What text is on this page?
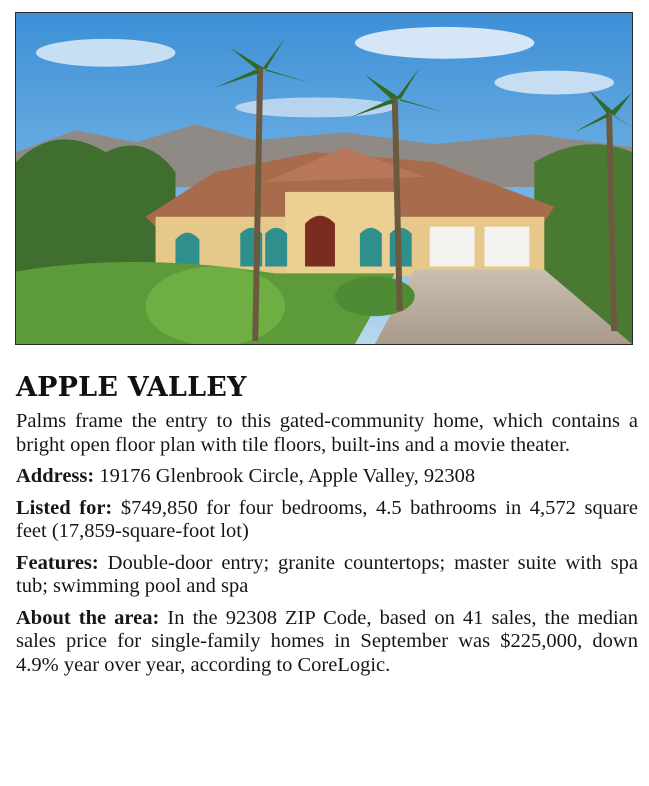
APPLE VALLEY

Palms frame the entry to this gated-community home, which contains a bright open floor plan with tile floors, built-ins and a movie theater.

Address: 19176 Glenbrook Circle, Apple Valley, 92308

Listed for: $749,850 for four bedrooms, 4.5 bathrooms in 4,572 square feet (17,859-square-foot lot)

Features: Double-door entry; granite countertops; master suite with spa tub; swimming pool and spa

About the area: In the 92308 ZIP Code, based on 41 sales, the median sales price for single-family homes in September was $225,000, down 4.9% year over year, according to CoreLogic.
